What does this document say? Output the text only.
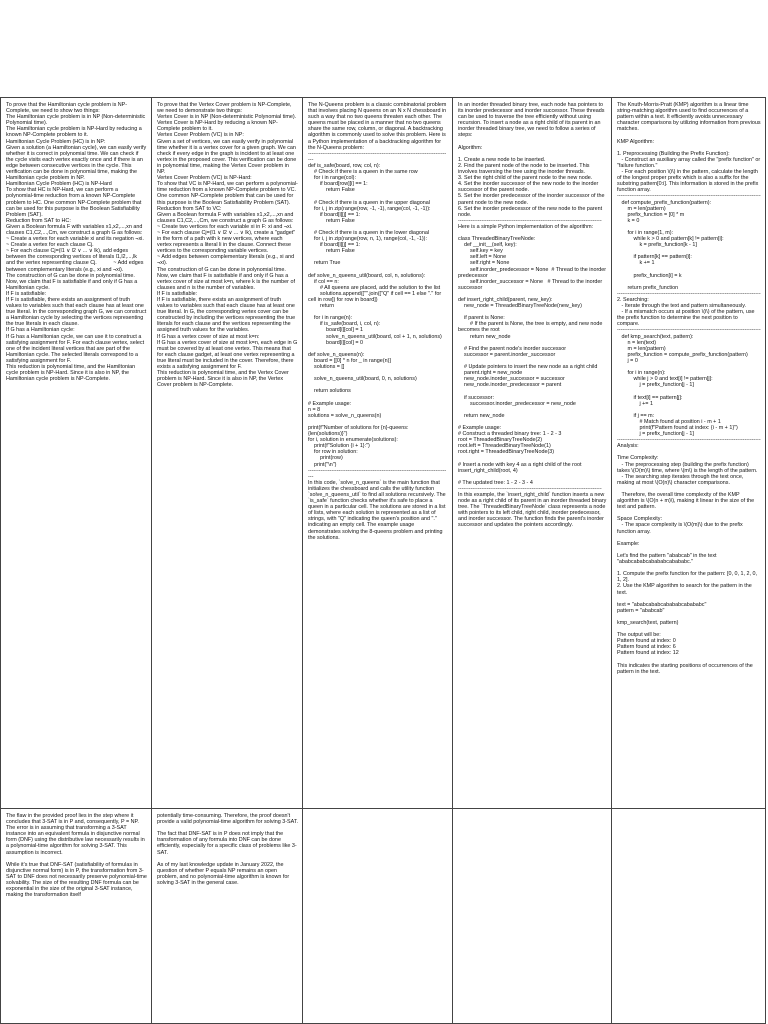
To prove that the Hamiltonian cycle problem is NP-Complete, we need to show two things:
The Hamiltonian cycle problem is in NP (Non-deterministic Polynomial time).
The Hamiltonian cycle problem is NP-Hard by reducing a known NP-Complete problem to it.
Hamiltonian Cycle Problem (HC) is in NP:
Given a solution (a Hamiltonian cycle), we can easily verify whether it is correct in polynomial time. We can check if the cycle visits each vertex exactly once and if there is an edge between consecutive vertices in the cycle. This verification can be done in polynomial time, making the Hamiltonian cycle problem in NP.
Hamiltonian Cycle Problem (HC) is NP-Hard
To show that HC is NP-Hard, we can perform a polynomial-time reduction from a known NP-Complete problem to HC. One common NP-Complete problem that can be used for this purpose is the Boolean Satisfiability Problem (SAT).
Reduction from SAT to HC:
Given a Boolean formula F with variables x1,x2,...,xn and clauses C1,C2,...,Cm, we construct a graph G as follows:
~ Create a vertex for each variable xi and its negation ¬xi.
~ Create a vertex for each clause Cj.
~ For each clause Cj=(l1 ∨ l2 ∨ ... ∨ lk), add edges between the corresponding vertices of literals l1,l2,...,lk and the vertex representing clause Cj.           ~ Add edges between complementary literals (e.g., xi and ¬xi).
The construction of G can be done in polynomial time.
Now, we claim that F is satisfiable if and only if G has a Hamiltonian cycle.
If F is satisfiable:
If F is satisfiable, there exists an assignment of truth values to variables such that each clause has at least one true literal. In the corresponding graph G, we can construct a Hamiltonian cycle by selecting the vertices representing the true literals in each clause.
If G has a Hamiltonian cycle:
If G has a Hamiltonian cycle, we can use it to construct a satisfying assignment for F. For each clause vertex, select one of the incident literal vertices that are part of the Hamiltonian cycle. The selected literals correspond to a satisfying assignment for F.
This reduction is polynomial time, and the Hamiltonian cycle problem is NP-Hard. Since it is also in NP, the Hamiltonian cycle problem is NP-Complete.

To prove that the Vertex Cover problem is NP-Complete, we need to demonstrate two things:
Vertex Cover is in NP (Non-deterministic Polynomial time).
Vertex Cover is NP-Hard by reducing a known NP-Complete problem to it.
Vertex Cover Problem (VC) is in NP:
Given a set of vertices, we can easily verify in polynomial time whether it is a vertex cover for a given graph. We can check if every edge in the graph is incident to at least one vertex in the proposed cover. This verification can be done in polynomial time, making the Vertex Cover problem in NP.
Vertex Cover Problem (VC) is NP-Hard:
To show that VC is NP-Hard, we can perform a polynomial-time reduction from a known NP-Complete problem to VC. One common NP-Complete problem that can be used for this purpose is the Boolean Satisfiability Problem (SAT).
Reduction from SAT to VC:
Given a Boolean formula F with variables x1,x2,...,xn and clauses C1,C2,...,Cm, we construct a graph G as follows:
~ Create two vertices for each variable xi in F: xi and ¬xi.
~ For each clause Cj=(l1 ∨ l2 ∨ ... ∨ lk), create a "gadget" in the form of a path with k new vertices, where each vertex represents a literal li in the clause. Connect these vertices to the corresponding variable vertices.
~ Add edges between complementary literals (e.g., xi and ¬xi).
The construction of G can be done in polynomial time.
Now, we claim that F is satisfiable if and only if G has a vertex cover of size at most k=n, where k is the number of clauses and n is the number of variables.
If F is satisfiable:
If F is satisfiable, there exists an assignment of truth values to variables such that each clause has at least one true literal. In G, the corresponding vertex cover can be constructed by including the vertices representing the true literals for each clause and the vertices representing the assigned truth values for the variables.
If G has a vertex cover of size at most k=n:
If G has a vertex cover of size at most k=n, each edge in G must be covered by at least one vertex. This means that for each clause gadget, at least one vertex representing a true literal must be included in the cover. Therefore, there exists a satisfying assignment for F.
This reduction is polynomial time, and the Vertex Cover problem is NP-Hard. Since it is also in NP, the Vertex Cover problem is NP-Complete.

The N-Queens problem is a classic combinatorial problem that involves placing N queens on an N x N chessboard in such a way that no two queens threaten each other. The queens must be placed in a manner that no two queens share the same row, column, or diagonal. A backtracking algorithm is commonly used to solve this problem. Here is a Python implementation of a backtracking algorithm for the N-Queens problem:
--------------------------------------------------------------------------------
def is_safe(board, row, col, n):
# Check if there is a queen in the same row
for i in range(col):
if board[row][i] == 1:
return False

# Check if there is a queen in the upper diagonal
for i, j in zip(range(row, -1, -1), range(col, -1, -1)):
if board[i][j] == 1:
return False

# Check if there is a queen in the lower diagonal
for i, j in zip(range(row, n, 1), range(col, -1, -1)):
if board[i][j] == 1:
return False

return True

def solve_n_queens_util(board, col, n, solutions):
if col == n:
# All queens are placed, add the solution to the list
solutions.append(["".join(["Q" if cell == 1 else "." for cell in row]) for row in board])
return

for i in range(n):
if is_safe(board, i, col, n):
board[i][col] = 1
solve_n_queens_util(board, col + 1, n, solutions)
board[i][col] = 0

def solve_n_queens(n):
board = [[0] * n for _ in range(n)]
solutions = []

solve_n_queens_util(board, 0, n, solutions)

return solutions

# Example usage:
n = 8
solutions = solve_n_queens(n)

print(f"Number of solutions for {n}-queens: {len(solutions)}")
for i, solution in enumerate(solutions):
print(f"Solution {i + 1}:")
for row in solution:
print(row)
print("\n")
--------------------------------------------------------------------------------
In this code, `solve_n_queens` is the main function that initializes the chessboard and calls the utility function `solve_n_queens_util` to find all solutions recursively. The `is_safe` function checks whether it's safe to place a queen in a particular cell. The solutions are stored in a list of lists, where each solution is represented as a list of strings, with "Q" indicating the queen's position and "." indicating an empty cell. The example usage demonstrates solving the 8-queens problem and printing the solutions.

In an inorder threaded binary tree, each node has pointers to its inorder predecessor and inorder successor. These threads can be used to traverse the tree efficiently without using recursion. To insert a node as a right child of its parent in an inorder threaded binary tree, we need to follow a series of steps:

Algorithm:

1. Create a new node to be inserted.
2. Find the parent node of the node to be inserted. This involves traversing the tree using the inorder threads.
3. Set the right child of the parent node to the new node.
4. Set the inorder successor of the new node to the inorder successor of the parent node.
5. Set the inorder predecessor of the inorder successor of the parent node to the new node.
6. Set the inorder predecessor of the new node to the parent node.
--------------------------------------------------------------------------------
Here is a simple Python implementation of the algorithm:

class ThreadedBinaryTreeNode:
def __init__(self, key):
self.key = key
self.left = None
self.right = None
self.inorder_predecessor = None  # Thread to the inorder predecessor
self.inorder_successor = None   # Thread to the inorder successor

def insert_right_child(parent, new_key):
new_node = ThreadedBinaryTreeNode(new_key)

if parent is None:
# If the parent is None, the tree is empty, and new node becomes the root
return new_node

# Find the parent node's inorder successor
successor = parent.inorder_successor

# Update pointers to insert the new node as a right child
parent.right = new_node
new_node.inorder_successor = successor
new_node.inorder_predecessor = parent

if successor:
successor.inorder_predecessor = new_node

return new_node

# Example usage:
# Construct a threaded binary tree: 1 - 2 - 3
root = ThreadedBinaryTreeNode(2)
root.left = ThreadedBinaryTreeNode(1)
root.right = ThreadedBinaryTreeNode(3)

# Insert a node with key 4 as a right child of the root
insert_right_child(root, 4)

# The updated tree: 1 - 2 - 3 - 4
--------------------------------------------------------------------------------
In this example, the `insert_right_child` function inserts a new node as a right child of its parent in an inorder threaded binary tree. The `ThreadedBinaryTreeNode` class represents a node with pointers to its left child, right child, inorder predecessor, and inorder successor. The function finds the parent's inorder successor and updates the pointers accordingly.

The Knuth-Morris-Pratt (KMP) algorithm is a linear time string-matching algorithm used to find occurrences of a pattern within a text. It efficiently avoids unnecessary character comparisons by utilizing information from previous matches.

KMP Algorithm:

1. Preprocessing (Building the Prefix Function):
- Construct an auxiliary array called the "prefix function" or "failure function."
- For each position \(i\) in the pattern, calculate the length of the longest proper prefix which is also a suffix for the substring pattern[0:i]. This information is stored in the prefix function array.
--------------------------------------------------------------------------------
def compute_prefix_function(pattern):
m = len(pattern)
prefix_function = [0] * m
k = 0

for i in range(1, m):
while k > 0 and pattern[k] != pattern[i]:
k = prefix_function[k - 1]

if pattern[k] == pattern[i]:
k += 1

prefix_function[i] = k

return prefix_function
--------------------------------------------------------------------------------
2. Searching:
- Iterate through the text and pattern simultaneously.
- If a mismatch occurs at position \(i\) of the pattern, use the prefix function to determine the next position to compare.
--------------------------------------------------------------------------------
def kmp_search(text, pattern):
n = len(text)
m = len(pattern)
prefix_function = compute_prefix_function(pattern)
j = 0

for i in range(n):
while j > 0 and text[i] != pattern[j]:
j = prefix_function[j - 1]

if text[i] == pattern[j]:
j += 1

if j == m:
# Match found at position i - m + 1
print(f"Pattern found at index: {i - m + 1}")
j = prefix_function[j - 1]
--------------------------------------------------------------------------------
Analysis:

Time Complexity:
- The preprocessing step (building the prefix function) takes \(O(m)\) time, where \(m\) is the length of the pattern.
- The searching step iterates through the text once, making at most \(O(n)\) character comparisons.

Therefore, the overall time complexity of the KMP algorithm is \(O(n + m)\), making it linear in the size of the text and pattern.

Space Complexity:
- The space complexity is \(O(m)\) due to the prefix function array.

Example:

Let's find the pattern "ababcab" in the text "ababcababcabababcabababc."

1. Compute the prefix function for the pattern: [0, 0, 1, 2, 0, 1, 2].
2. Use the KMP algorithm to search for the pattern in the text.

text = "ababcababcabababcabababc"
pattern = "ababcab"

kmp_search(text, pattern)

The output will be:
Pattern found at index: 0
Pattern found at index: 6
Pattern found at index: 12

This indicates the starting positions of occurrences of the pattern in the text.

The flaw in the provided proof lies in the step where it concludes that 3-SAT is in P and, consequently, P = NP. The error is in assuming that transforming a 3-SAT instance into an equivalent formula in disjunctive normal form (DNF) using the distributive law necessarily results in a polynomial-time algorithm for solving 3-SAT. This assumption is incorrect.

While it's true that DNF-SAT (satisfiability of formulas in disjunctive normal form) is in P, the transformation from 3-SAT to DNF does not necessarily preserve polynomial-time solvability. The size of the resulting DNF formula can be exponential in the size of the original 3-SAT instance, making the transformation itself

potentially time-consuming. Therefore, the proof doesn't provide a valid polynomial-time algorithm for solving 3-SAT.

The fact that DNF-SAT is in P does not imply that the transformation of any formula into DNF can be done efficiently, especially for a specific class of problems like 3-SAT.

As of my last knowledge update in January 2022, the question of whether P equals NP remains an open problem, and no polynomial-time algorithm is known for solving 3-SAT in the general case.
